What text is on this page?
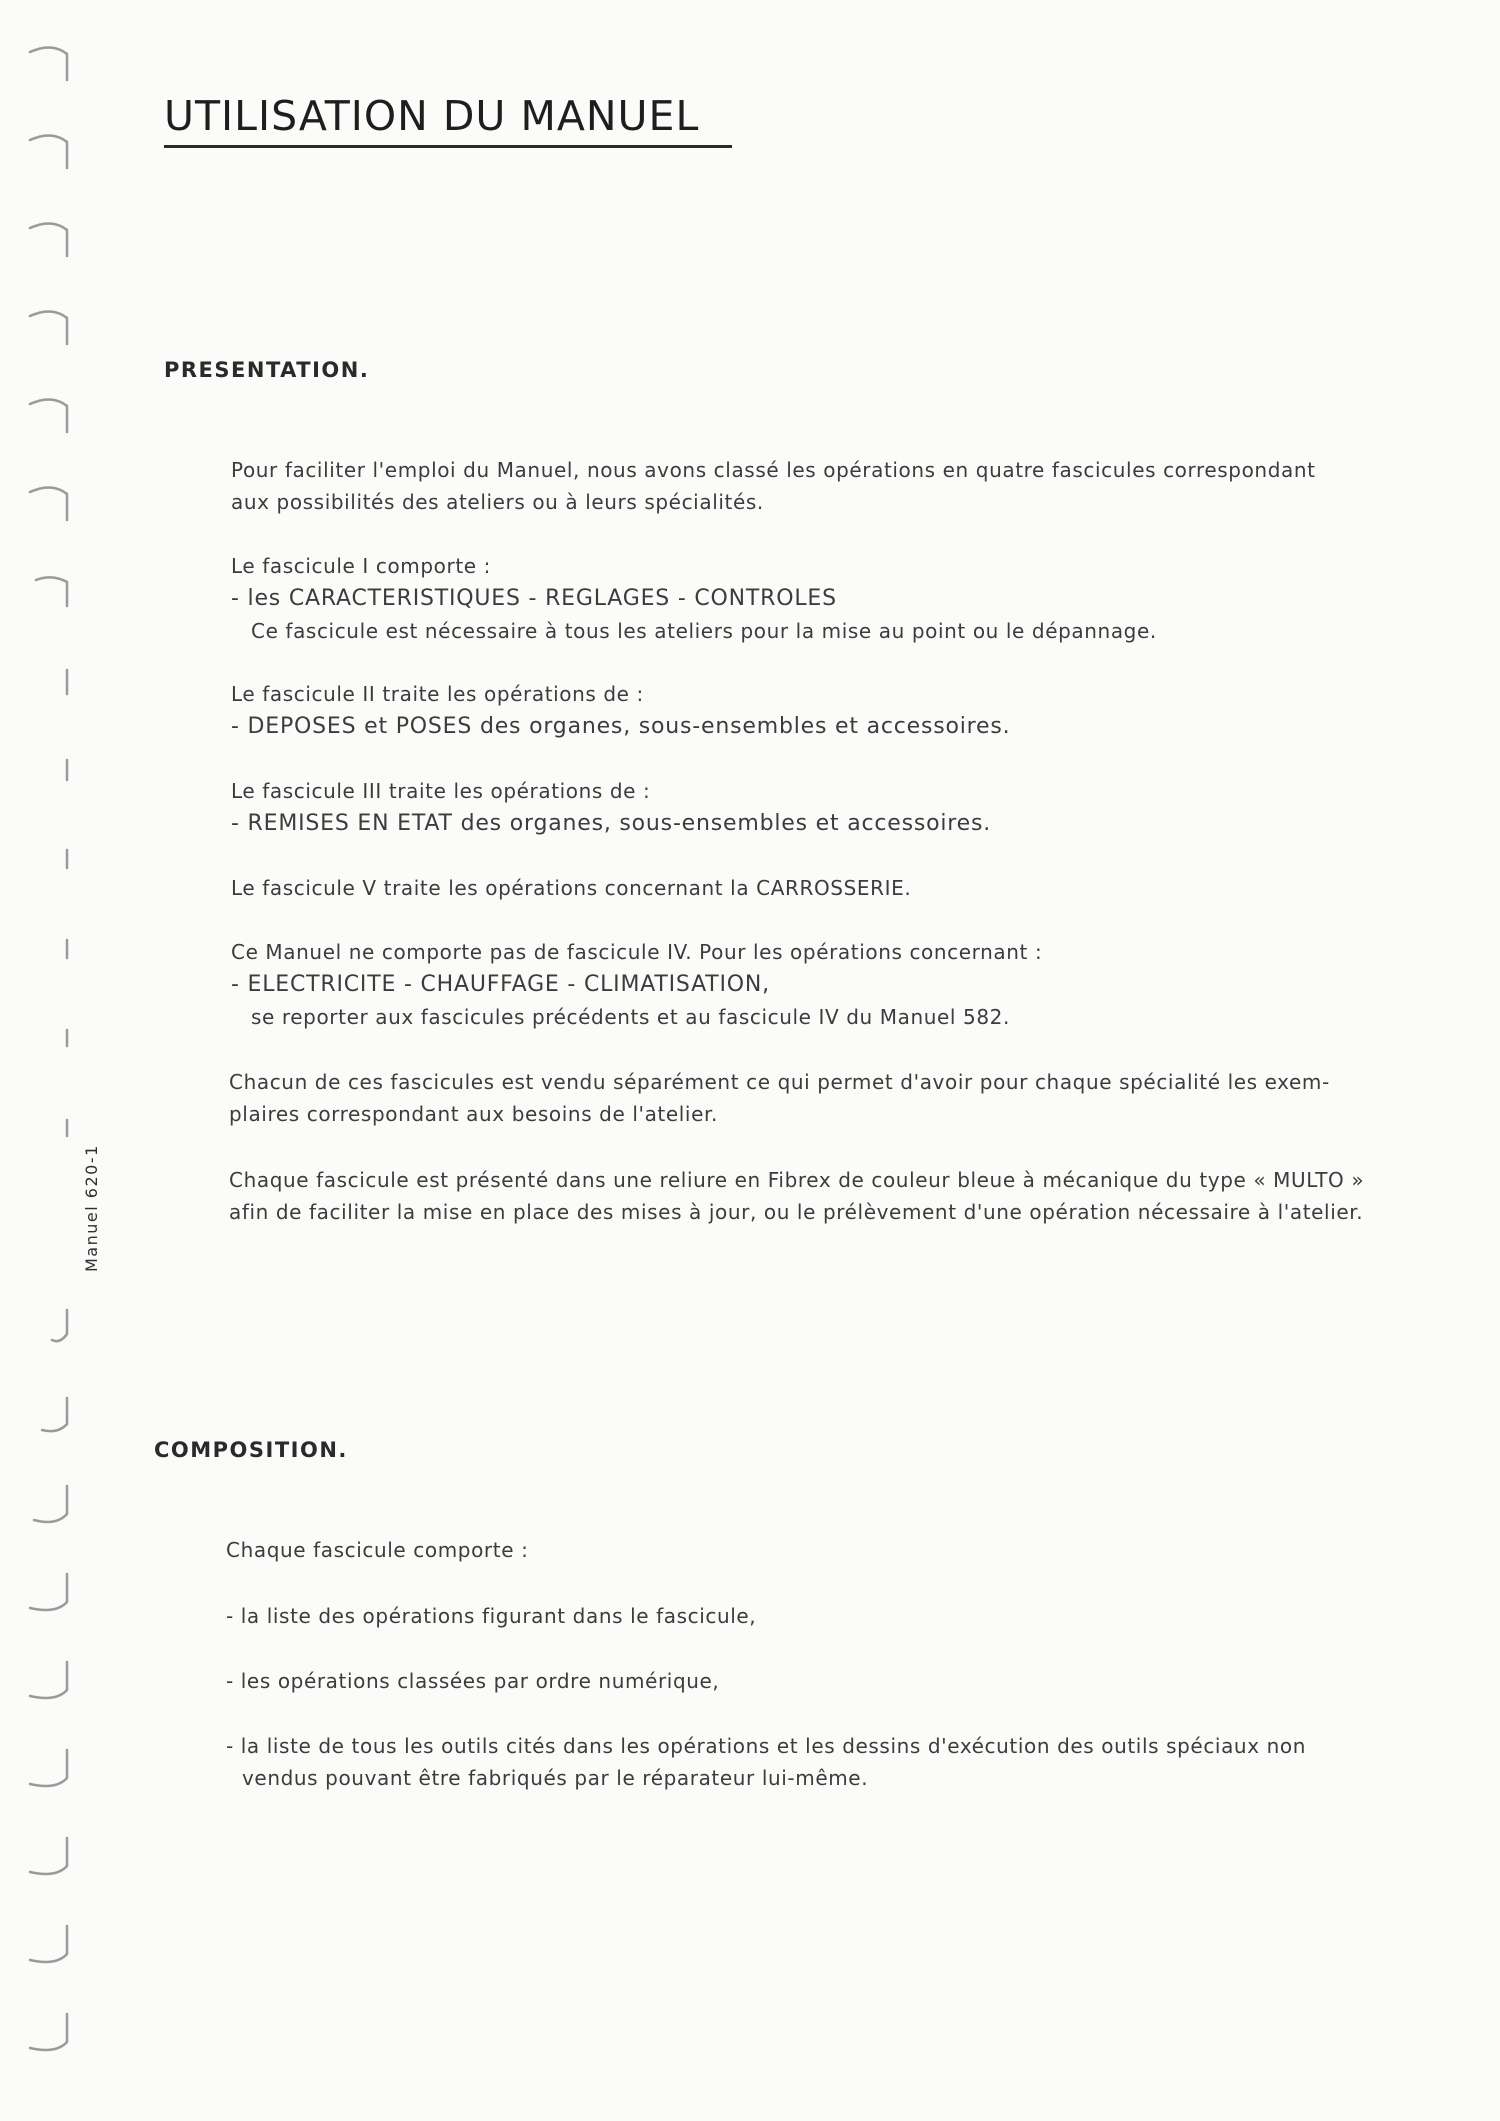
Manuel 620-1
UTILISATION DU MANUEL
PRESENTATION.

Pour faciliter l'emploi du Manuel, nous avons classé les opérations en quatre fascicules correspondant
aux possibilités des ateliers ou à leurs spécialités.

Le fascicule I comporte :
- les CARACTERISTIQUES - REGLAGES - CONTROLES
Ce fascicule est nécessaire à tous les ateliers pour la mise au point ou le dépannage.

Le fascicule II traite les opérations de :
- DEPOSES et POSES des organes, sous-ensembles et accessoires.

Le fascicule III traite les opérations de :
- REMISES EN ETAT des organes, sous-ensembles et accessoires.

Le fascicule V traite les opérations concernant la CARROSSERIE.

Ce Manuel ne comporte pas de fascicule IV. Pour les opérations concernant :
- ELECTRICITE - CHAUFFAGE - CLIMATISATION,
se reporter aux fascicules précédents et au fascicule IV du Manuel 582.

Chacun de ces fascicules est vendu séparément ce qui permet d'avoir pour chaque spécialité les exem-
plaires correspondant aux besoins de l'atelier.

Chaque fascicule est présenté dans une reliure en Fibrex de couleur bleue à mécanique du type « MULTO »
afin de faciliter la mise en place des mises à jour, ou le prélèvement d'une opération nécessaire à l'atelier.

COMPOSITION.

Chaque fascicule comporte :

- la liste des opérations figurant dans le fascicule,

- les opérations classées par ordre numérique,

- la liste de tous les outils cités dans les opérations et les dessins d'exécution des outils spéciaux non
vendus pouvant être fabriqués par le réparateur lui-même.
